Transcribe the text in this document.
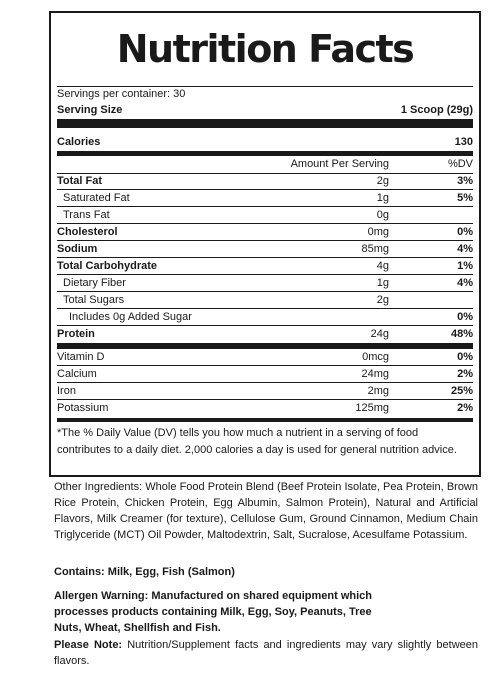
Nutrition Facts
Servings per container: 30
Serving Size	1 Scoop (29g)
Calories	130
Amount Per Serving	%DV
Total Fat	2g	3%
Saturated Fat	1g	5%
Trans Fat	0g
Cholesterol	0mg	0%
Sodium	85mg	4%
Total Carbohydrate	4g	1%
Dietary Fiber	1g	4%
Total Sugars	2g
Includes 0g Added Sugar	0%
Protein	24g	48%
Vitamin D	0mcg	0%
Calcium	24mg	2%
Iron	2mg	25%
Potassium	125mg	2%
*The % Daily Value (DV) tells you how much a nutrient in a serving of food contributes to a daily diet. 2,000 calories a day is used for general nutrition advice.
Other Ingredients: Whole Food Protein Blend (Beef Protein Isolate, Pea Protein, Brown Rice Protein, Chicken Protein, Egg Albumin, Salmon Protein), Natural and Artificial Flavors, Milk Creamer (for texture), Cellulose Gum, Ground Cinnamon, Medium Chain Triglyceride (MCT) Oil Powder, Maltodextrin, Salt, Sucralose, Acesulfame Potassium.
Contains: Milk, Egg, Fish (Salmon)
Allergen Warning: Manufactured on shared equipment which processes products containing Milk, Egg, Soy, Peanuts, Tree Nuts, Wheat, Shellfish and Fish.
Please Note: Nutrition/Supplement facts and ingredients may vary slightly between flavors.
